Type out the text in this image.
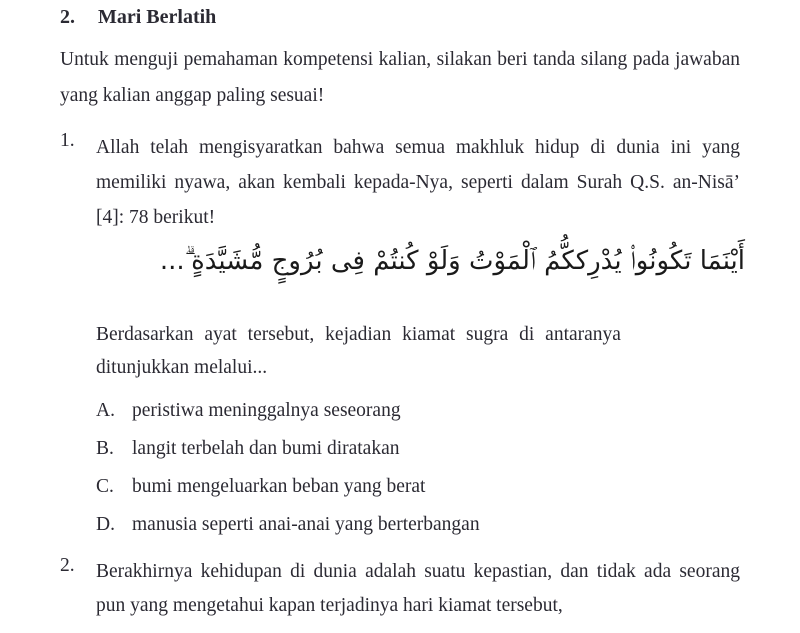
2. Mari Berlatih
Untuk menguji pemahaman kompetensi kalian, silakan beri tanda silang pada jawaban yang kalian anggap paling sesuai!
1. Allah telah mengisyaratkan bahwa semua makhluk hidup di dunia ini yang memiliki nyawa, akan kembali kepada-Nya, seperti dalam Surah Q.S. an-Nisā’ [4]: 78 berikut!
أَيْنَمَا تَكُونُوا۟ يُدْرِككُّمُ ٱلْمَوْتُ وَلَوْ كُنتُمْ فِى بُرُوجٍ مُّشَيَّدَةٍ ۗ...
Berdasarkan ayat tersebut, kejadian kiamat sugra di antaranya
ditunjukkan melalui...
A. peristiwa meninggalnya seseorang
B. langit terbelah dan bumi diratakan
C. bumi mengeluarkan beban yang berat
D. manusia seperti anai-anai yang berterbangan
2. Berakhirnya kehidupan di dunia adalah suatu kepastian, dan tidak ada seorang pun yang mengetahui kapan terjadinya hari kiamat tersebut,
